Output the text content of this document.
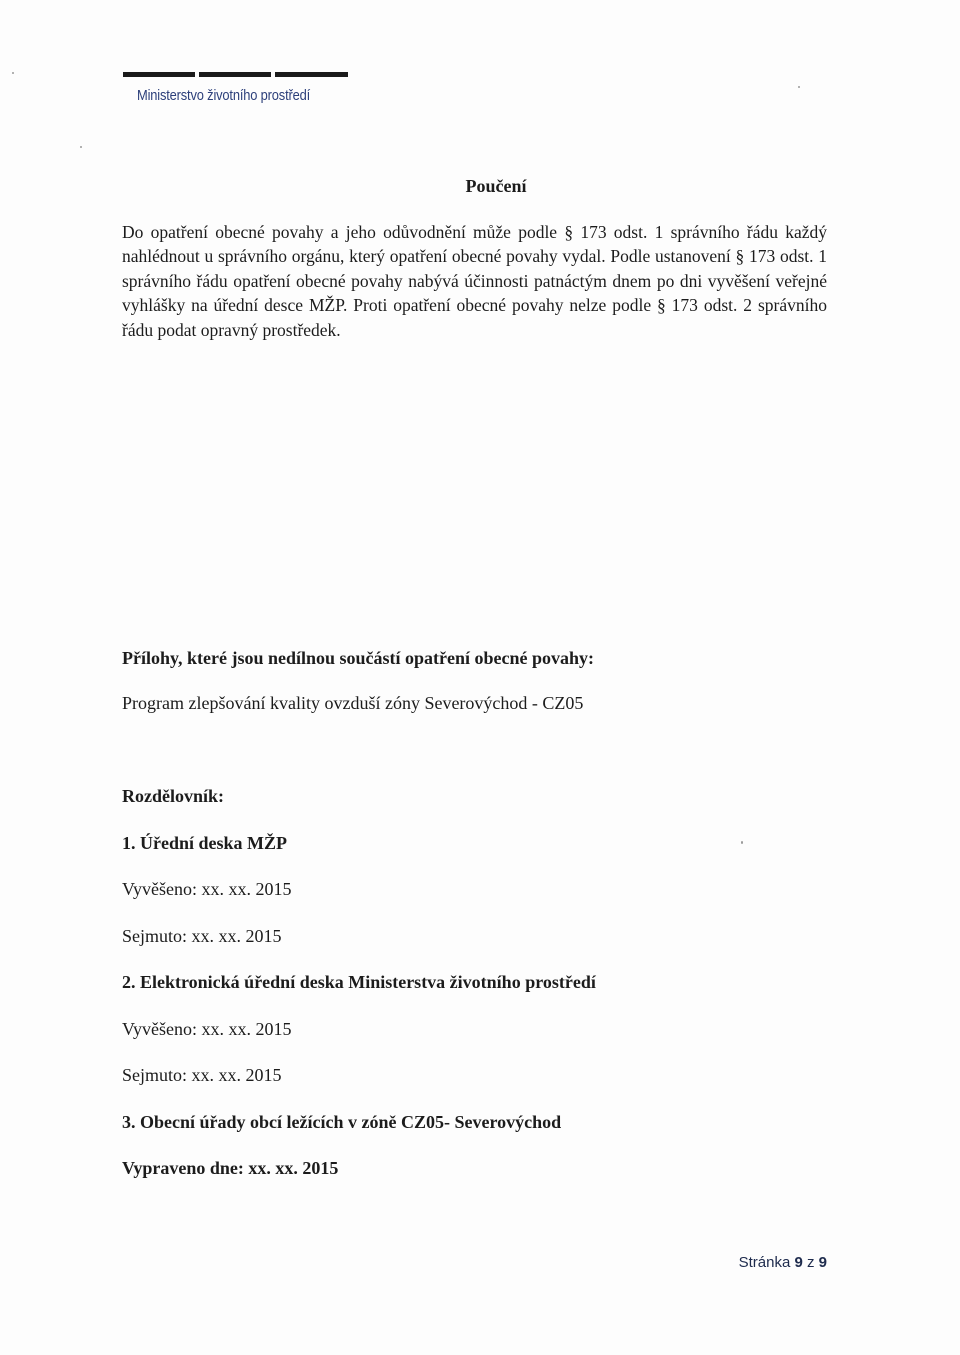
Ministerstvo životního prostředí
Poučení
Do opatření obecné povahy a jeho odůvodnění může podle § 173 odst. 1 správního řádu každý nahlédnout u správního orgánu, který opatření obecné povahy vydal. Podle ustanovení § 173 odst. 1 správního řádu opatření obecné povahy nabývá účinnosti patnáctým dnem po dni vyvěšení veřejné vyhlášky na úřední desce MŽP. Proti opatření obecné povahy nelze podle § 173 odst. 2 správního řádu podat opravný prostředek.
Přílohy, které jsou nedílnou součástí opatření obecné povahy:
Program zlepšování kvality ovzduší zóny Severovýchod - CZ05
Rozdělovník:
1. Úřední deska MŽP
Vyvěšeno: xx. xx. 2015
Sejmuto: xx. xx. 2015
2. Elektronická úřední deska Ministerstva životního prostředí
Vyvěšeno: xx. xx. 2015
Sejmuto: xx. xx. 2015
3. Obecní úřady obcí ležících v zóně CZ05- Severovýchod
Vypraveno dne: xx. xx. 2015
Stránka 9 z 9
